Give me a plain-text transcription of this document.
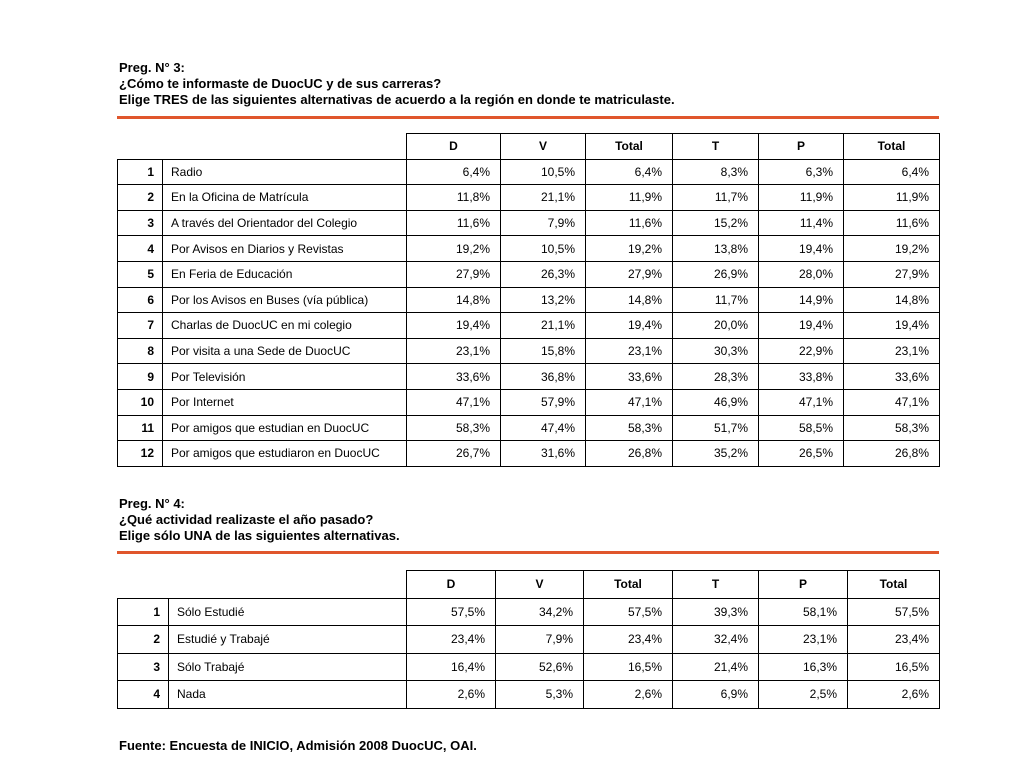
Preg. N° 3:
¿Cómo te informaste de DuocUC y de sus carreras?
Elige TRES de las siguientes alternativas de acuerdo a la región en donde te matriculaste.
		D	V	Total	T	P	Total
1	Radio	6,4%	10,5%	6,4%	8,3%	6,3%	6,4%
2	En la Oficina de Matrícula	11,8%	21,1%	11,9%	11,7%	11,9%	11,9%
3	A través del Orientador del Colegio	11,6%	7,9%	11,6%	15,2%	11,4%	11,6%
4	Por Avisos en Diarios y Revistas	19,2%	10,5%	19,2%	13,8%	19,4%	19,2%
5	En Feria de Educación	27,9%	26,3%	27,9%	26,9%	28,0%	27,9%
6	Por los Avisos en Buses (vía pública)	14,8%	13,2%	14,8%	11,7%	14,9%	14,8%
7	Charlas de DuocUC en mi colegio	19,4%	21,1%	19,4%	20,0%	19,4%	19,4%
8	Por visita a una Sede de DuocUC	23,1%	15,8%	23,1%	30,3%	22,9%	23,1%
9	Por Televisión	33,6%	36,8%	33,6%	28,3%	33,8%	33,6%
10	Por Internet	47,1%	57,9%	47,1%	46,9%	47,1%	47,1%
11	Por amigos que estudian en DuocUC	58,3%	47,4%	58,3%	51,7%	58,5%	58,3%
12	Por amigos que estudiaron en DuocUC	26,7%	31,6%	26,8%	35,2%	26,5%	26,8%
Preg. N° 4:
¿Qué actividad realizaste el año pasado?
Elige sólo UNA de las siguientes alternativas.
		D	V	Total	T	P	Total
1	Sólo Estudié	57,5%	34,2%	57,5%	39,3%	58,1%	57,5%
2	Estudié y Trabajé	23,4%	7,9%	23,4%	32,4%	23,1%	23,4%
3	Sólo Trabajé	16,4%	52,6%	16,5%	21,4%	16,3%	16,5%
4	Nada	2,6%	5,3%	2,6%	6,9%	2,5%	2,6%
Fuente: Encuesta de INICIO, Admisión 2008 DuocUC, OAI.
